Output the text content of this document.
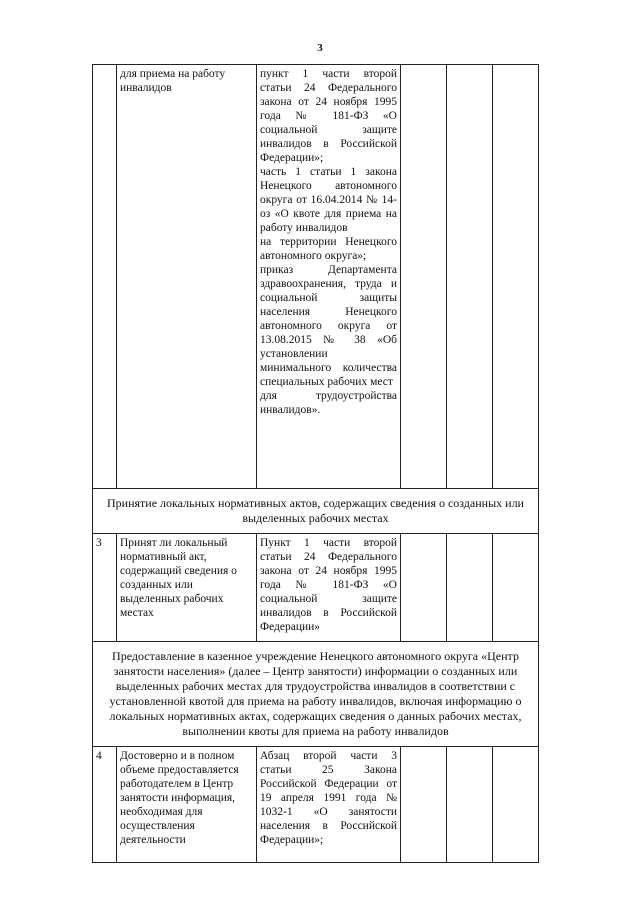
3
	для приема на работу инвалидов	пункт 1 части второй статьи 24 Федерального закона от 24 ноября 1995 года № 181-ФЗ «О социальной защите инвалидов в Российской Федерации»;
часть 1 статьи 1 закона Ненецкого автономного округа от 16.04.2014 № 14-оз «О квоте для приема на работу инвалидов
на территории Ненецкого автономного округа»;
приказ Департамента здравоохранения, труда и социальной защиты населения Ненецкого автономного округа от 13.08.2015 № 38 «Об установлении минимального количества специальных рабочих мест
для трудоустройства инвалидов».			

Принятие локальных нормативных актов, содержащих сведения о созданных или выделенных рабочих местах					
3	Принят ли локальный нормативный акт, содержащий сведения о созданных или выделенных рабочих местах	Пункт 1 части второй статьи 24 Федерального закона от 24 ноября 1995 года № 181-ФЗ «О социальной защите инвалидов в Российской Федерации»			
Предоставление в казенное учреждение Ненецкого автономного округа «Центр занятости населения» (далее – Центр занятости) информации о созданных или выделенных рабочих местах для трудоустройства инвалидов в соответствии с установленной квотой для приема на работу инвалидов, включая информацию о локальных нормативных актах, содержащих сведения о данных рабочих местах, выполнении квоты для приема на работу инвалидов					
4	Достоверно и в полном объеме предоставляется работодателем в Центр занятости информация, необходимая для осуществления деятельности	Абзац второй части 3 статьи 25 Закона Российской Федерации от 19 апреля 1991 года № 1032-1 «О занятости населения в Российской Федерации»;			
